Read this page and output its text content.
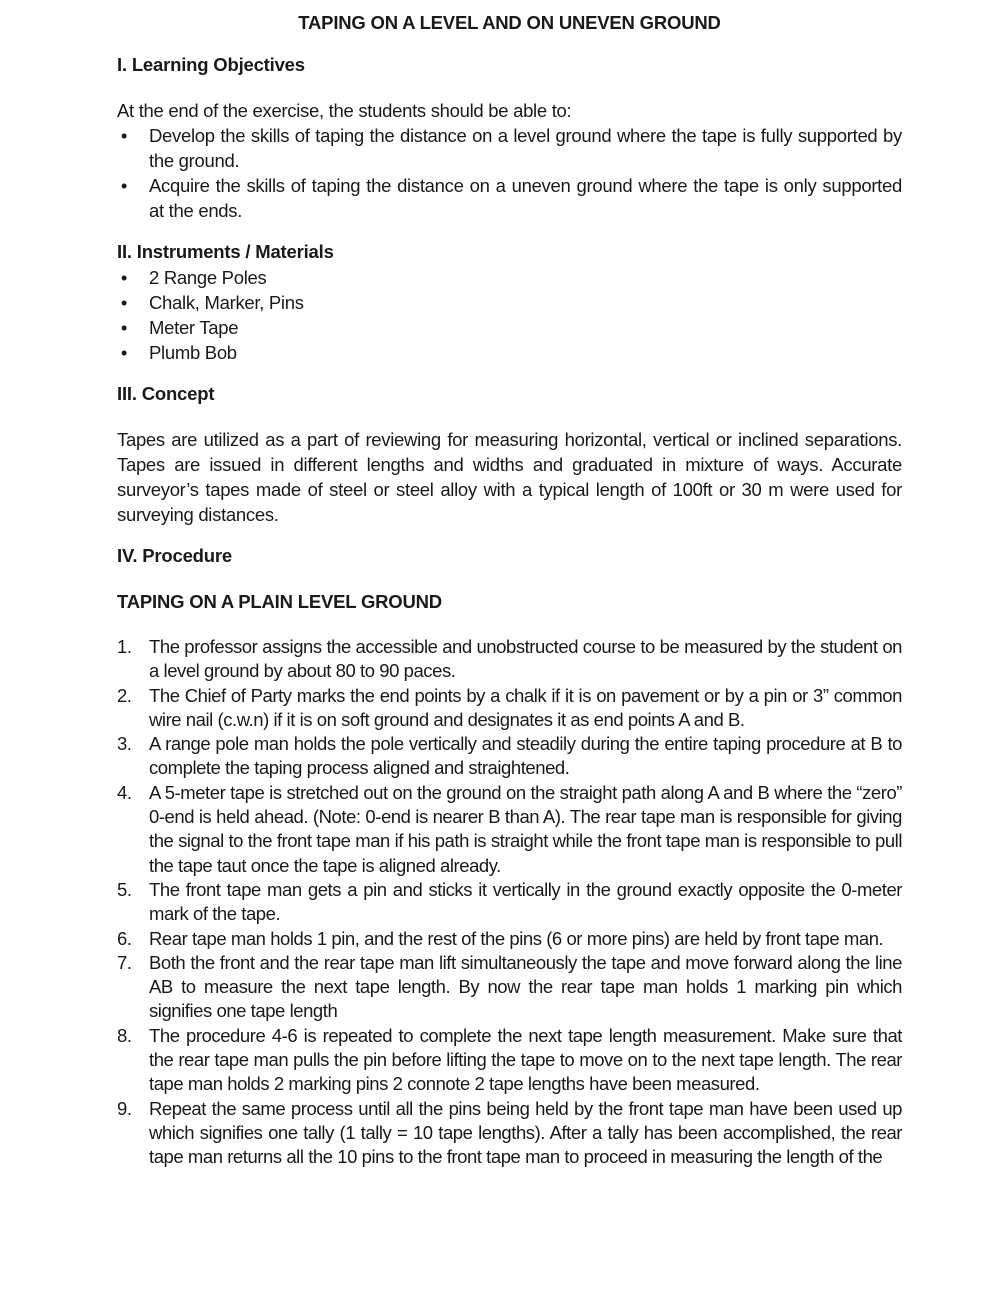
TAPING ON A LEVEL AND ON UNEVEN GROUND
I. Learning Objectives

At the end of the exercise, the students should be able to:

• Develop the skills of taping the distance on a level ground where the tape is fully supported by the ground.
• Acquire the skills of taping the distance on a uneven ground where the tape is only supported at the ends.
II. Instruments / Materials
• 2 Range Poles
• Chalk, Marker, Pins
• Meter Tape
• Plumb Bob
III. Concept

Tapes are utilized as a part of reviewing for measuring horizontal, vertical or inclined separations. Tapes are issued in different lengths and widths and graduated in mixture of ways. Accurate surveyor’s tapes made of steel or steel alloy with a typical length of 100ft or 30 m were used for surveying distances.

IV. Procedure
TAPING ON A PLAIN LEVEL GROUND
1. The professor assigns the accessible and unobstructed course to be measured by the student on a level ground by about 80 to 90 paces.
2. The Chief of Party marks the end points by a chalk if it is on pavement or by a pin or 3” common wire nail (c.w.n) if it is on soft ground and designates it as end points A and B.
3. A range pole man holds the pole vertically and steadily during the entire taping procedure at B to complete the taping process aligned and straightened.
4. A 5-meter tape is stretched out on the ground on the straight path along A and B where the “zero” 0-end is held ahead. (Note: 0-end is nearer B than A). The rear tape man is responsible for giving the signal to the front tape man if his path is straight while the front tape man is responsible to pull the tape taut once the tape is aligned already.
5. The front tape man gets a pin and sticks it vertically in the ground exactly opposite the 0-meter mark of the tape.
6. Rear tape man holds 1 pin, and the rest of the pins (6 or more pins) are held by front tape man.
7. Both the front and the rear tape man lift simultaneously the tape and move forward along the line AB to measure the next tape length. By now the rear tape man holds 1 marking pin which signifies one tape length
8. The procedure 4-6 is repeated to complete the next tape length measurement. Make sure that the rear tape man pulls the pin before lifting the tape to move on to the next tape length. The rear tape man holds 2 marking pins 2 connote 2 tape lengths have been measured.
9. Repeat the same process until all the pins being held by the front tape man have been used up which signifies one tally (1 tally = 10 tape lengths). After a tally has been accomplished, the rear tape man returns all the 10 pins to the front tape man to proceed in measuring the length of the
